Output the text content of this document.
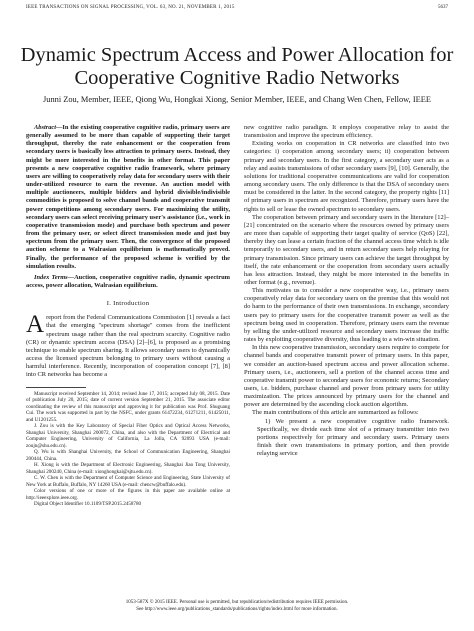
IEEE TRANSACTIONS ON SIGNAL PROCESSING, VOL. 63, NO. 21, NOVEMBER 1, 2015	5637
Dynamic Spectrum Access and Power Allocation for Cooperative Cognitive Radio Networks
Junni Zou, Member, IEEE, Qiong Wu, Hongkai Xiong, Senior Member, IEEE, and Chang Wen Chen, Fellow, IEEE

Abstract—In the existing cooperative cognitive radio, primary users are generally assumed to be more than capable of supporting their target throughput, thereby the rate enhancement or the cooperation from secondary users is basically less attraction to primary users. Instead, they might be more interested in the benefits in other format. This paper presents a new cooperative cognitive radio framework, where primary users are willing to cooperatively relay data for secondary users with their under-utilized resource to earn the revenue. An auction model with multiple auctioneers, multiple bidders and hybrid divisible/indivisible commodities is proposed to solve channel bands and cooperative transmit power competitions among secondary users. For maximizing the utility, secondary users can select receiving primary user's assistance (i.e., work in cooperative transmission mode) and purchase both spectrum and power from the primary user, or select direct transmission mode and just buy spectrum from the primary user. Then, the convergence of the proposed auction scheme to a Walrasian equilibrium is mathematically proved. Finally, the performance of the proposed scheme is verified by the simulation results.

Index Terms—Auction, cooperative cognitive radio, dynamic spectrum access, power allocation, Walrasian equilibrium.

I. Introduction

Areport from the Federal Communications Commission [1] reveals a fact that the emerging "spectrum shortage" comes from the inefficient spectrum usage rather than the real spectrum scarcity. Cognitive radio (CR) or dynamic spectrum access (DSA) [2]–[6], is proposed as a promising technique to enable spectrum sharing. It allows secondary users to dynamically access the licensed spectrum belonging to primary users without causing a harmful interference. Recently, incorporation of cooperation concept [7], [8] into CR networks has become a

Manuscript received September 14, 2014; revised June 17, 2015; accepted July 08, 2015. Date of publication July 20, 2015; date of current version September 21, 2015. The associate editor coordinating the review of this manuscript and approving it for publication was Prof. Shuguang Cui. The work was supported in part by the NSFC, under grants 61472234, 61271211, 61425011, and U1201255.

J. Zou is with the Key Laboratory of Special Fiber Optics and Optical Access Networks, Shanghai University, Shanghai 200072, China, and also with the Department of Electrical and Computer Engineering, University of California, La Jolla, CA 92093 USA (e-mail: zoujn@shu.edu.cn).

Q. Wu is with Shanghai University, the School of Communication Engineering, Shanghai 200444, China.

H. Xiong is with the Department of Electronic Engineering, Shanghai Jiao Tong University, Shanghai 200240, China (e-mail: xionghongkai@sjtu.edu.cn).

C. W. Chen is with the Department of Computer Science and Engineering, State University of New York at Buffalo, Buffalo, NY 14260 USA (e-mail: chencw@buffalo.edu).

Color versions of one or more of the figures in this paper are available online at http://ieeexplore.ieee.org.

Digital Object Identifier 10.1109/TSP.2015.2458780

new cognitive radio paradigm. It employs cooperative relay to assist the transmission and improve the spectrum efficiency.

Existing works on cooperation in CR networks are classified into two categories: i) cooperation among secondary users; ii) cooperation between primary and secondary users. In the first category, a secondary user acts as a relay and assists transmissions of other secondary users [9], [10]. Generally, the solutions for traditional cooperative communications are valid for cooperation among secondary users. The only difference is that the DSA of secondary users must be considered in the latter. In the second category, the property rights [11] of primary users in spectrum are recognized. Therefore, primary users have the rights to sell or lease the owned spectrum to secondary users.

The cooperation between primary and secondary users in the literature [12]–[21] concentrated on the scenario where the resources owned by primary users are more than capable of supporting their target quality of service (QoS) [22], thereby they can lease a certain fraction of the channel access time which is idle temporarily to secondary users, and in return secondary users help relaying for primary transmission. Since primary users can achieve the target throughput by itself, the rate enhancement or the cooperation from secondary users actually has less attraction. Instead, they might be more interested in the benefits in other format (e.g., revenue).

This motivates us to consider a new cooperative way, i.e., primary users cooperatively relay data for secondary users on the premise that this would not do harm to the performance of their own transmissions. In exchange, secondary users pay to primary users for the cooperative transmit power as well as the spectrum being used in cooperation. Therefore, primary users earn the revenue by selling the under-utilized resource and secondary users increase the traffic rates by exploiting cooperative diversity, thus leading to a win-win situation.

In this new cooperative transmission, secondary users require to compete for channel bands and cooperative transmit power of primary users. In this paper, we consider an auction-based spectrum access and power allocation scheme. Primary users, i.e., auctioneers, sell a portion of the channel access time and cooperative transmit power to secondary users for economic returns; Secondary users, i.e. bidders, purchase channel and power from primary users for utility maximization. The prices announced by primary users for the channel and power are determined by the ascending clock auction algorithm.

The main contributions of this article are summarized as follows:

1) We present a new cooperative cognitive radio framework. Specifically, we divide each time slot of a primary transmitter into two portions respectively for primary and secondary users. Primary users finish their own transmissions in primary portion, and then provide relaying service

1053-587X © 2015 IEEE. Personal use is permitted, but republication/redistribution requires IEEE permission.
See http://www.ieee.org/publications_standards/publications/rights/index.html for more information.
